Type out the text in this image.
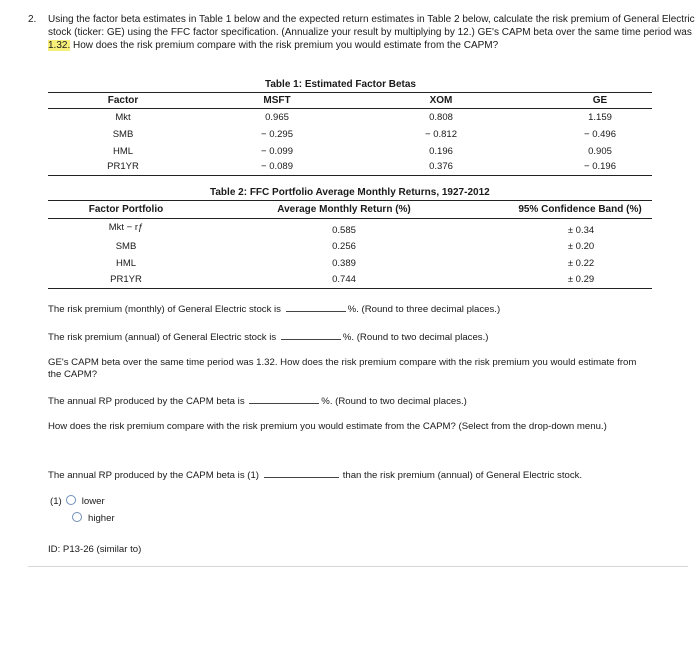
2. Using the factor beta estimates in Table 1 below and the expected return estimates in Table 2 below, calculate the risk premium of General Electric stock (ticker: GE) using the FFC factor specification. (Annualize your result by multiplying by 12.) GE's CAPM beta over the same time period was 1.32. How does the risk premium compare with the risk premium you would estimate from the CAPM?
Table 1: Estimated Factor Betas
Factor	MSFT	XOM	GE
Mkt	0.965	0.808	1.159
SMB	− 0.295	− 0.812	− 0.496
HML	− 0.099	0.196	0.905
PR1YR	− 0.089	0.376	− 0.196
Table 2: FFC Portfolio Average Monthly Returns, 1927-2012
Factor Portfolio	Average Monthly Return (%)	95% Confidence Band (%)
Mkt − rƒ	0.585	± 0.34
SMB	0.256	± 0.20
HML	0.389	± 0.22
PR1YR	0.744	± 0.29
The risk premium (monthly) of General Electric stock is	%. (Round to three decimal places.)
The risk premium (annual) of General Electric stock is	%. (Round to two decimal places.)
GE's CAPM beta over the same time period was 1.32. How does the risk premium compare with the risk premium you would estimate from the CAPM?
The annual RP produced by the CAPM beta is	%. (Round to two decimal places.)
How does the risk premium compare with the risk premium you would estimate from the CAPM? (Select from the drop-down menu.)
The annual RP produced by the CAPM beta is (1)	than the risk premium (annual) of General Electric stock.
(1) lower
higher
ID: P13-26 (similar to)
